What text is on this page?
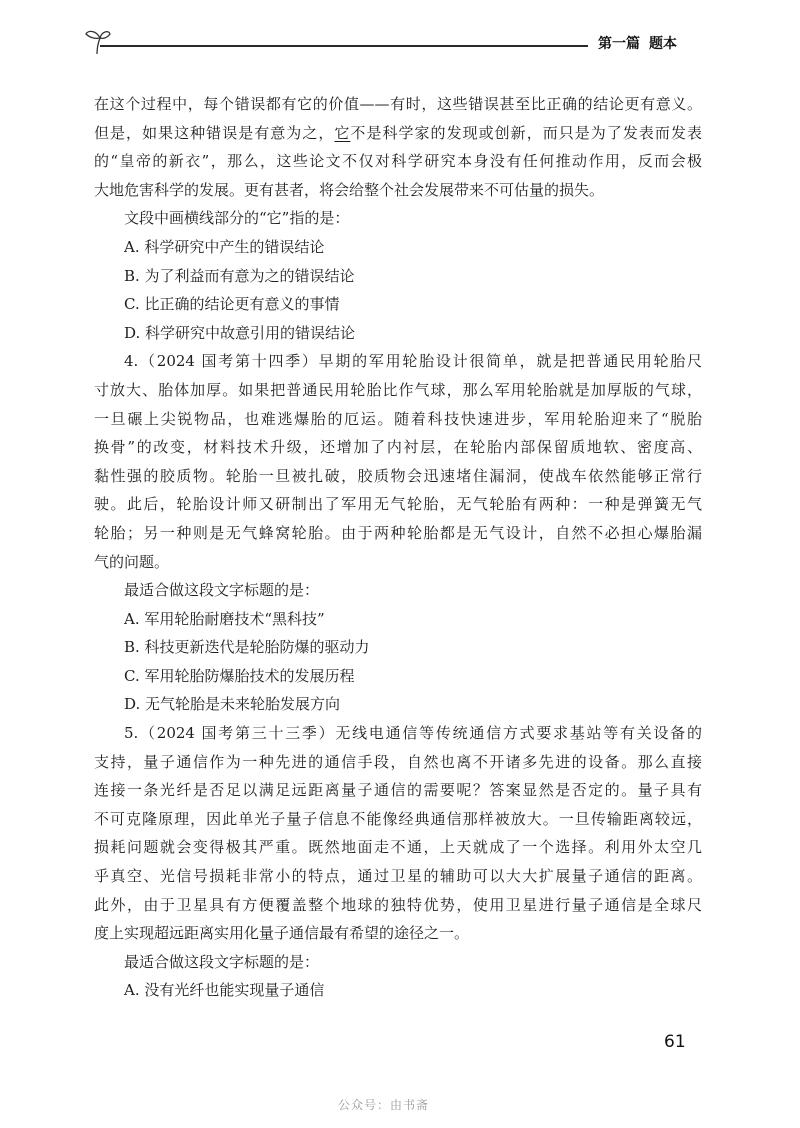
第一篇 题本
在这个过程中，每个错误都有它的价值——有时，这些错误甚至比正确的结论更有意义。
但是，如果这种错误是有意为之，它不是科学家的发现或创新，而只是为了发表而发表
的“皇帝的新衣”，那么，这些论文不仅对科学研究本身没有任何推动作用，反而会极
大地危害科学的发展。更有甚者，将会给整个社会发展带来不可估量的损失。
文段中画横线部分的“它”指的是：
A. 科学研究中产生的错误结论
B. 为了利益而有意为之的错误结论
C. 比正确的结论更有意义的事情
D. 科学研究中故意引用的错误结论
4.（2024 国考第十四季）早期的军用轮胎设计很简单，就是把普通民用轮胎尺
寸放大、胎体加厚。如果把普通民用轮胎比作气球，那么军用轮胎就是加厚版的气球，
一旦碾上尖锐物品，也难逃爆胎的厄运。随着科技快速进步，军用轮胎迎来了“脱胎
换骨”的改变，材料技术升级，还增加了内衬层，在轮胎内部保留质地软、密度高、
黏性强的胶质物。轮胎一旦被扎破，胶质物会迅速堵住漏洞，使战车依然能够正常行
驶。此后，轮胎设计师又研制出了军用无气轮胎，无气轮胎有两种：一种是弹簧无气
轮胎；另一种则是无气蜂窝轮胎。由于两种轮胎都是无气设计，自然不必担心爆胎漏
气的问题。
最适合做这段文字标题的是：
A. 军用轮胎耐磨技术“黑科技”
B. 科技更新迭代是轮胎防爆的驱动力
C. 军用轮胎防爆胎技术的发展历程
D. 无气轮胎是未来轮胎发展方向
5.（2024 国考第三十三季）无线电通信等传统通信方式要求基站等有关设备的
支持，量子通信作为一种先进的通信手段，自然也离不开诸多先进的设备。那么直接
连接一条光纤是否足以满足远距离量子通信的需要呢？答案显然是否定的。量子具有
不可克隆原理，因此单光子量子信息不能像经典通信那样被放大。一旦传输距离较远，
损耗问题就会变得极其严重。既然地面走不通，上天就成了一个选择。利用外太空几
乎真空、光信号损耗非常小的特点，通过卫星的辅助可以大大扩展量子通信的距离。
此外，由于卫星具有方便覆盖整个地球的独特优势，使用卫星进行量子通信是全球尺
度上实现超远距离实用化量子通信最有希望的途径之一。
最适合做这段文字标题的是：
A. 没有光纤也能实现量子通信
61
公众号：由书斋
